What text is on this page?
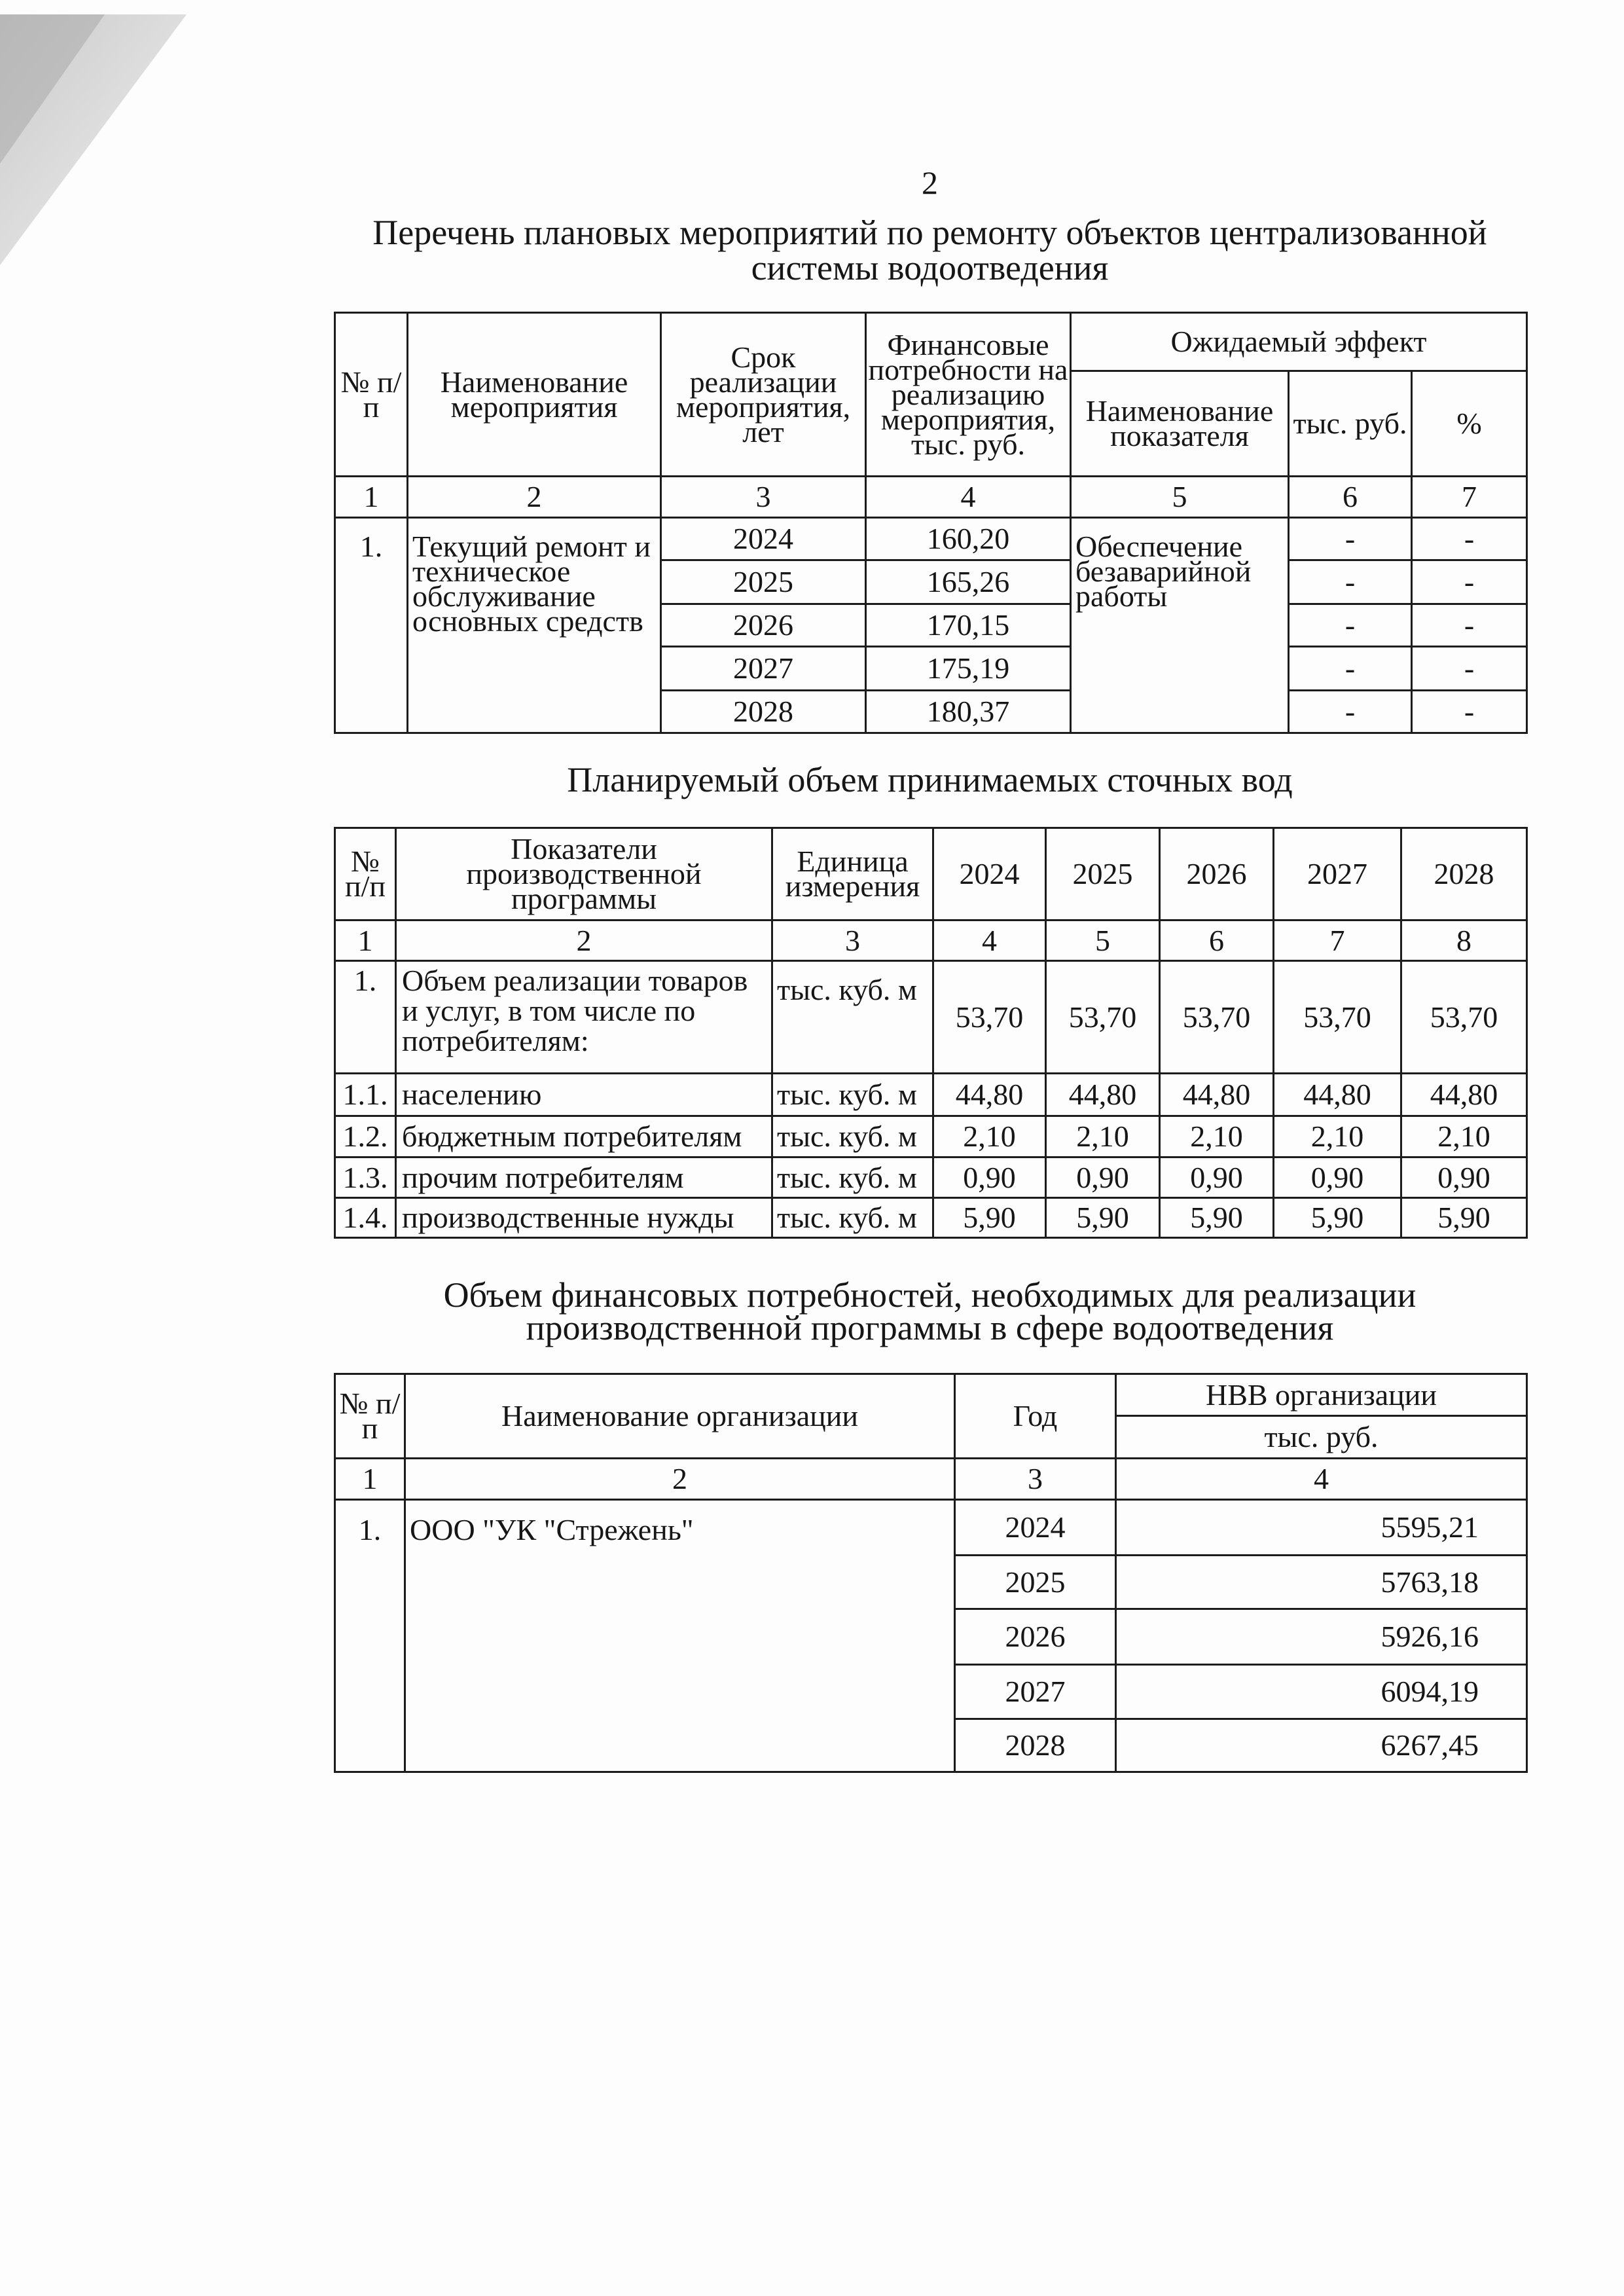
2
Перечень плановых мероприятий по ремонту объектов централизованной
системы водоотведения
№ п/п	Наименование мероприятия	Срок реализации мероприятия, лет	Финансовые потребности на реализацию мероприятия, тыс. руб.	Ожидаемый эффект		
				Наименование показателя	тыс. руб.	%
1	2	3	4	5	6	7
1.	Текущий ремонт и техническое обслуживание основных средств	2024	160,20	Обеспечение безаварийной работы	-	-
		2025	165,26		-	-
		2026	170,15		-	-
		2027	175,19		-	-
		2028	180,37		-	-
Планируемый объем принимаемых сточных вод
№ п/п	Показатели производственной программы	Единица измерения	2024	2025	2026	2027	2028
1	2	3	4	5	6	7	8
1.	Объем реализации товаров и услуг, в том числе по потребителям:	тыс. куб. м	53,70	53,70	53,70	53,70	53,70
1.1.	населению	тыс. куб. м	44,80	44,80	44,80	44,80	44,80
1.2.	бюджетным потребителям	тыс. куб. м	2,10	2,10	2,10	2,10	2,10
1.3.	прочим потребителям	тыс. куб. м	0,90	0,90	0,90	0,90	0,90
1.4.	производственные нужды	тыс. куб. м	5,90	5,90	5,90	5,90	5,90
Объем финансовых потребностей, необходимых для реализации
производственной программы в сфере водоотведения
№ п/п	Наименование организации	Год	НВВ организации
			тыс. руб.
1	2	3	4
1.	ООО "УК "Стрежень"	2024	5595,21
		2025	5763,18
		2026	5926,16
		2027	6094,19
		2028	6267,45
